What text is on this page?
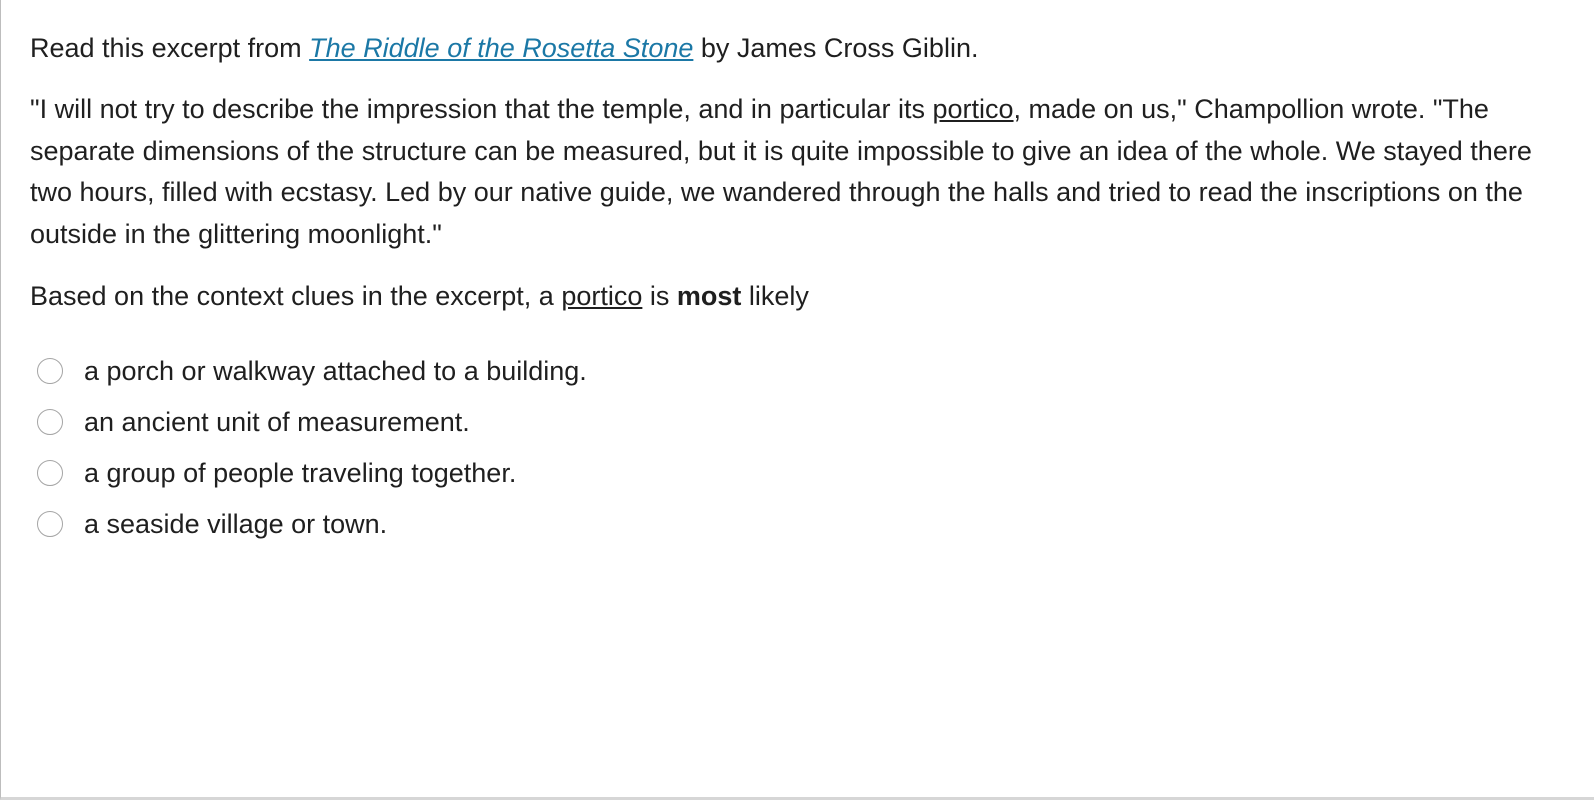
Read this excerpt from The Riddle of the Rosetta Stone by James Cross Giblin.

"I will not try to describe the impression that the temple, and in particular its portico, made on us," Champollion wrote. "The separate dimensions of the structure can be measured, but it is quite impossible to give an idea of the whole. We stayed there two hours, filled with ecstasy. Led by our native guide, we wandered through the halls and tried to read the inscriptions on the outside in the glittering moonlight."

Based on the context clues in the excerpt, a portico is most likely

a porch or walkway attached to a building.
an ancient unit of measurement.
a group of people traveling together.
a seaside village or town.
